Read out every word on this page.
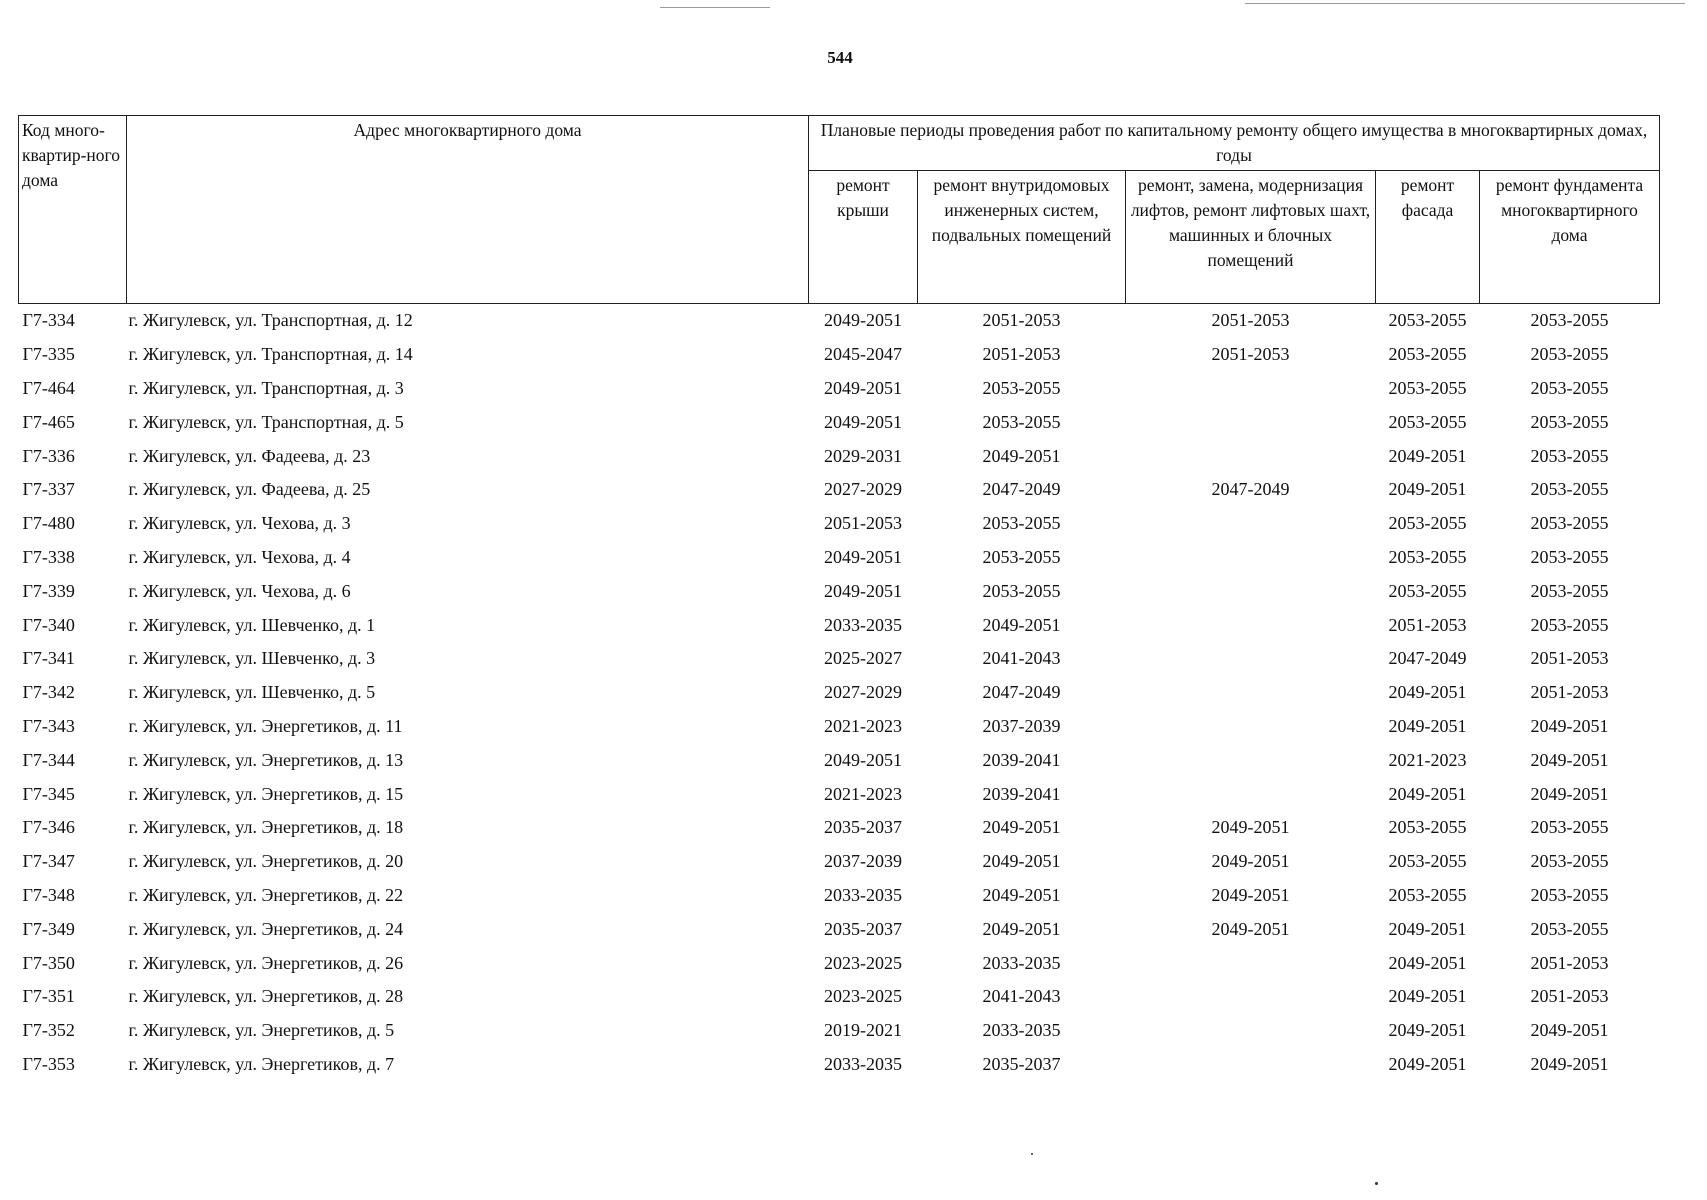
544
Код много-квартир-ного дома	Адрес многоквартирного дома	Плановые периоды проведения работ по капитальному ремонту общего имущества в многоквартирных домах, годы				
		ремонт крыши	ремонт внутридомовых инженерных систем, подвальных помещений	ремонт, замена, модернизация лифтов, ремонт лифтовых шахт, машинных и блочных помещений	ремонт фасада	ремонт фундамента многоквартирного дома
Г7-334	г. Жигулевск, ул. Транспортная, д. 12	2049-2051	2051-2053	2051-2053	2053-2055	2053-2055
Г7-335	г. Жигулевск, ул. Транспортная, д. 14	2045-2047	2051-2053	2051-2053	2053-2055	2053-2055
Г7-464	г. Жигулевск, ул. Транспортная, д. 3	2049-2051	2053-2055		2053-2055	2053-2055
Г7-465	г. Жигулевск, ул. Транспортная, д. 5	2049-2051	2053-2055		2053-2055	2053-2055
Г7-336	г. Жигулевск, ул. Фадеева, д. 23	2029-2031	2049-2051		2049-2051	2053-2055
Г7-337	г. Жигулевск, ул. Фадеева, д. 25	2027-2029	2047-2049	2047-2049	2049-2051	2053-2055
Г7-480	г. Жигулевск, ул. Чехова, д. 3	2051-2053	2053-2055		2053-2055	2053-2055
Г7-338	г. Жигулевск, ул. Чехова, д. 4	2049-2051	2053-2055		2053-2055	2053-2055
Г7-339	г. Жигулевск, ул. Чехова, д. 6	2049-2051	2053-2055		2053-2055	2053-2055
Г7-340	г. Жигулевск, ул. Шевченко, д. 1	2033-2035	2049-2051		2051-2053	2053-2055
Г7-341	г. Жигулевск, ул. Шевченко, д. 3	2025-2027	2041-2043		2047-2049	2051-2053
Г7-342	г. Жигулевск, ул. Шевченко, д. 5	2027-2029	2047-2049		2049-2051	2051-2053
Г7-343	г. Жигулевск, ул. Энергетиков, д. 11	2021-2023	2037-2039		2049-2051	2049-2051
Г7-344	г. Жигулевск, ул. Энергетиков, д. 13	2049-2051	2039-2041		2021-2023	2049-2051
Г7-345	г. Жигулевск, ул. Энергетиков, д. 15	2021-2023	2039-2041		2049-2051	2049-2051
Г7-346	г. Жигулевск, ул. Энергетиков, д. 18	2035-2037	2049-2051	2049-2051	2053-2055	2053-2055
Г7-347	г. Жигулевск, ул. Энергетиков, д. 20	2037-2039	2049-2051	2049-2051	2053-2055	2053-2055
Г7-348	г. Жигулевск, ул. Энергетиков, д. 22	2033-2035	2049-2051	2049-2051	2053-2055	2053-2055
Г7-349	г. Жигулевск, ул. Энергетиков, д. 24	2035-2037	2049-2051	2049-2051	2049-2051	2053-2055
Г7-350	г. Жигулевск, ул. Энергетиков, д. 26	2023-2025	2033-2035		2049-2051	2051-2053
Г7-351	г. Жигулевск, ул. Энергетиков, д. 28	2023-2025	2041-2043		2049-2051	2051-2053
Г7-352	г. Жигулевск, ул. Энергетиков, д. 5	2019-2021	2033-2035		2049-2051	2049-2051
Г7-353	г. Жигулевск, ул. Энергетиков, д. 7	2033-2035	2035-2037		2049-2051	2049-2051
